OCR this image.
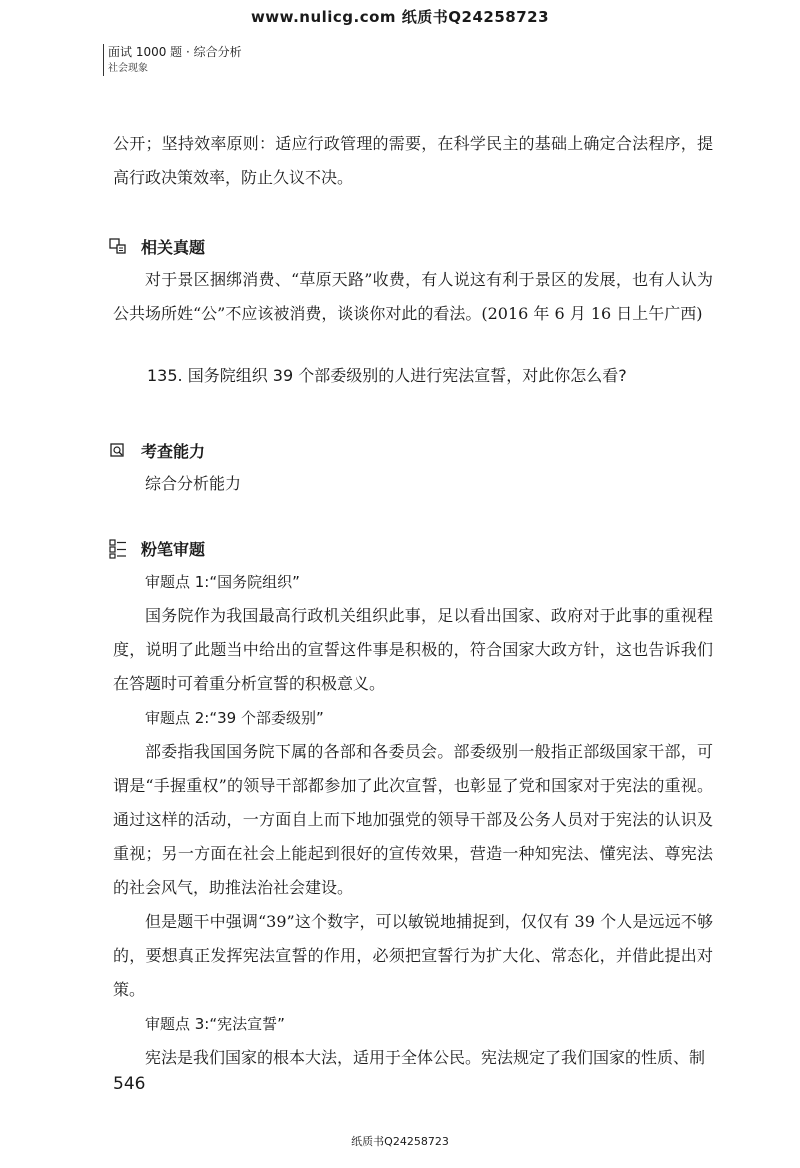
www.nulicg.com 纸质书Q24258723
面试 1000 题 · 综合分析
社会现象

公开；坚持效率原则：适应行政管理的需要，在科学民主的基础上确定合法程序，提高行政决策效率，防止久议不决。

相关真题

对于景区捆绑消费、“草原天路”收费，有人说这有利于景区的发展，也有人认为公共场所姓“公”不应该被消费，谈谈你对此的看法。(2016 年 6 月 16 日上午广西)

135. 国务院组织 39 个部委级别的人进行宪法宣誓，对此你怎么看?
考查能力

综合分析能力

粉笔审题
审题点 1:“国务院组织”

国务院作为我国最高行政机关组织此事，足以看出国家、政府对于此事的重视程度，说明了此题当中给出的宣誓这件事是积极的，符合国家大政方针，这也告诉我们在答题时可着重分析宣誓的积极意义。

审题点 2:“39 个部委级别”

部委指我国国务院下属的各部和各委员会。部委级别一般指正部级国家干部，可谓是“手握重权”的领导干部都参加了此次宣誓，也彰显了党和国家对于宪法的重视。通过这样的活动，一方面自上而下地加强党的领导干部及公务人员对于宪法的认识及重视；另一方面在社会上能起到很好的宣传效果，营造一种知宪法、懂宪法、尊宪法的社会风气，助推法治社会建设。

但是题干中强调“39”这个数字，可以敏锐地捕捉到，仅仅有 39 个人是远远不够的，要想真正发挥宪法宣誓的作用，必须把宣誓行为扩大化、常态化，并借此提出对策。

审题点 3:“宪法宣誓”

宪法是我们国家的根本大法，适用于全体公民。宪法规定了我们国家的性质、制

546
纸质书Q24258723
